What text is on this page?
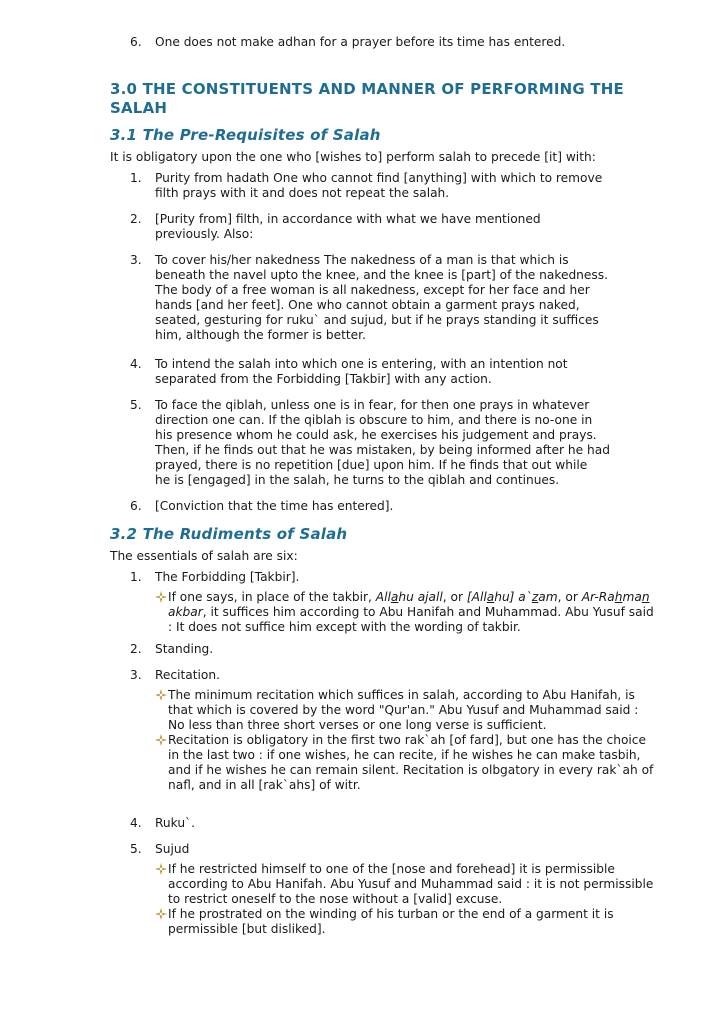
6. One does not make adhan for a prayer before its time has entered.
3.0 THE CONSTITUENTS AND MANNER OF PERFORMING THE SALAH
3.1 The Pre-Requisites of Salah

It is obligatory upon the one who [wishes to] perform salah to precede [it] with:

1. Purity from hadath One who cannot find [anything] with which to remove
filth prays with it and does not repeat the salah.
2. [Purity from] filth, in accordance with what we have mentioned
previously. Also:
3. To cover his/her nakedness The nakedness of a man is that which is
beneath the navel upto the knee, and the knee is [part] of the nakedness.
The body of a free woman is all nakedness, except for her face and her
hands [and her feet]. One who cannot obtain a garment prays naked,
seated, gesturing for ruku` and sujud, but if he prays standing it suffices
him, although the former is better.
4. To intend the salah into which one is entering, with an intention not
separated from the Forbidding [Takbir] with any action.
5. To face the qiblah, unless one is in fear, for then one prays in whatever
direction one can. If the qiblah is obscure to him, and there is no-one in
his presence whom he could ask, he exercises his judgement and prays.
Then, if he finds out that he was mistaken, by being informed after he had
prayed, there is no repetition [due] upon him. If he finds that out while
he is [engaged] in the salah, he turns to the qiblah and continues.
6. [Conviction that the time has entered].
3.2 The Rudiments of Salah

The essentials of salah are six:

1. The Forbidding [Takbir].
If one says, in place of the takbir, Allahu ajall, or [Allahu] a`zam, or Ar-Rahman
akbar, it suffices him according to Abu Hanifah and Muhammad. Abu Yusuf said
: It does not suffice him except with the wording of takbir.
2. Standing.
3. Recitation.
The minimum recitation which suffices in salah, according to Abu Hanifah, is
that which is covered by the word "Qur'an." Abu Yusuf and Muhammad said :
No less than three short verses or one long verse is sufficient.
Recitation is obligatory in the first two rak`ah [of fard], but one has the choice
in the last two : if one wishes, he can recite, if he wishes he can make tasbih,
and if he wishes he can remain silent. Recitation is olbgatory in every rak`ah of
nafl, and in all [rak`ahs] of witr.
4. Ruku`.
5. Sujud
If he restricted himself to one of the [nose and forehead] it is permissible
according to Abu Hanifah. Abu Yusuf and Muhammad said : it is not permissible
to restrict oneself to the nose without a [valid] excuse.
If he prostrated on the winding of his turban or the end of a garment it is
permissible [but disliked].
